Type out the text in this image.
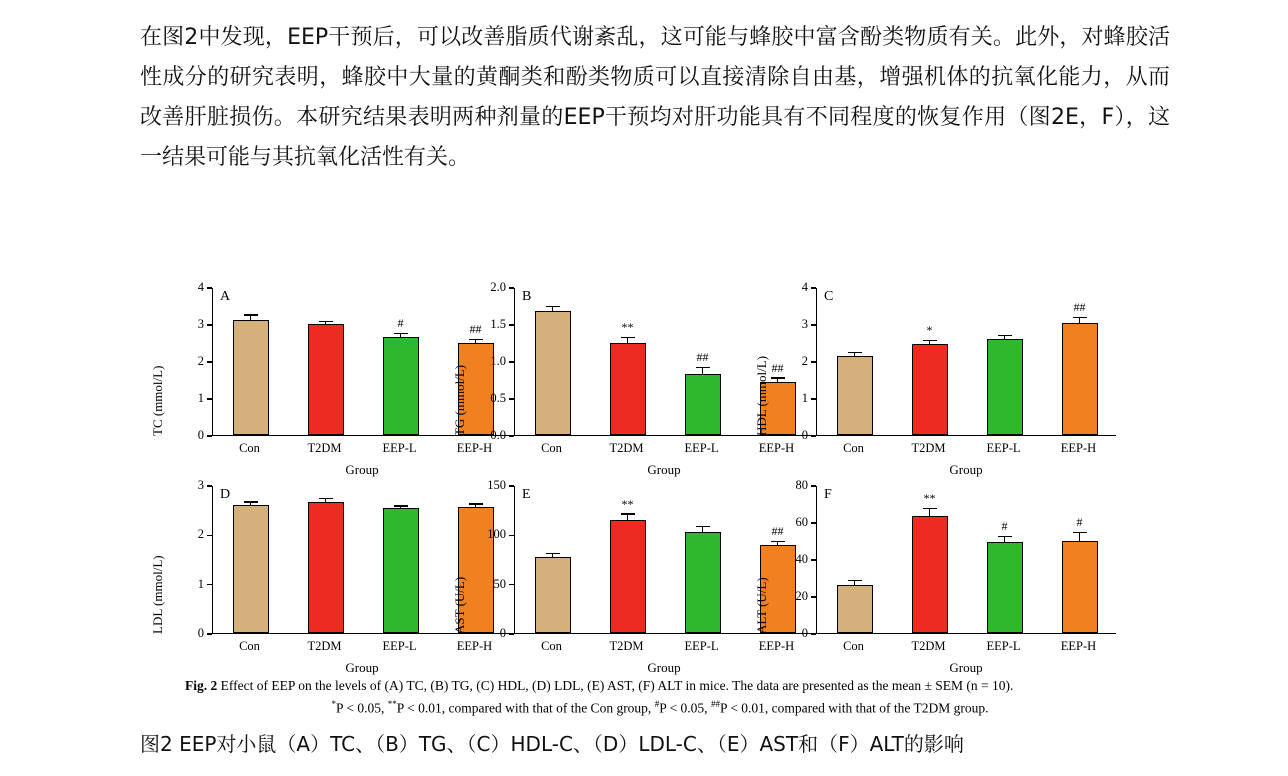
在图2中发现，EEP干预后，可以改善脂质代谢紊乱，这可能与蜂胶中富含酚类物质有关。此外，对蜂胶活性成分的研究表明，蜂胶中大量的黄酮类和酚类物质可以直接清除自由基，增强机体的抗氧化能力，从而改善肝脏损伤。本研究结果表明两种剂量的EEP干预均对肝功能具有不同程度的恢复作用（图2E，F），这一结果可能与其抗氧化活性有关。
Con	T2DM	EEP-L	EEP-H
#	##
0
1
2
3
4
TC (mmol/L)
Group
A
Con	T2DM	EEP-L	EEP-H
**
##
##
0.0
0.5
1.0
1.5
2.0
TG (mmol/L)
Group
B
Con	T2DM	EEP-L	EEP-H
*
##
0
1
2
3
4
HDL (mmol/L)
Group
C
Con	T2DM	EEP-L	EEP-H
0
1
2
3
LDL (mmol/L)
Group
D
Con	T2DM	EEP-L	EEP-H
**
##
0
50
100
150
AST (U/L)
Group
E
Con	T2DM	EEP-L	EEP-H
**
#	#
0
20
40
60
80
ALT (U/L)
Group
F
Fig. 2 Effect of EEP on the levels of (A) TC, (B) TG, (C) HDL, (D) LDL, (E) AST, (F) ALT in mice. The data are presented as the mean ± SEM (n = 10).
*P < 0.05, **P < 0.01, compared with that of the Con group, #P < 0.05, ##P < 0.01, compared with that of the T2DM group.
图2 EEP对小鼠（A）TC、（B）TG、（C）HDL-C、（D）LDL-C、（E）AST和（F）ALT的影响
